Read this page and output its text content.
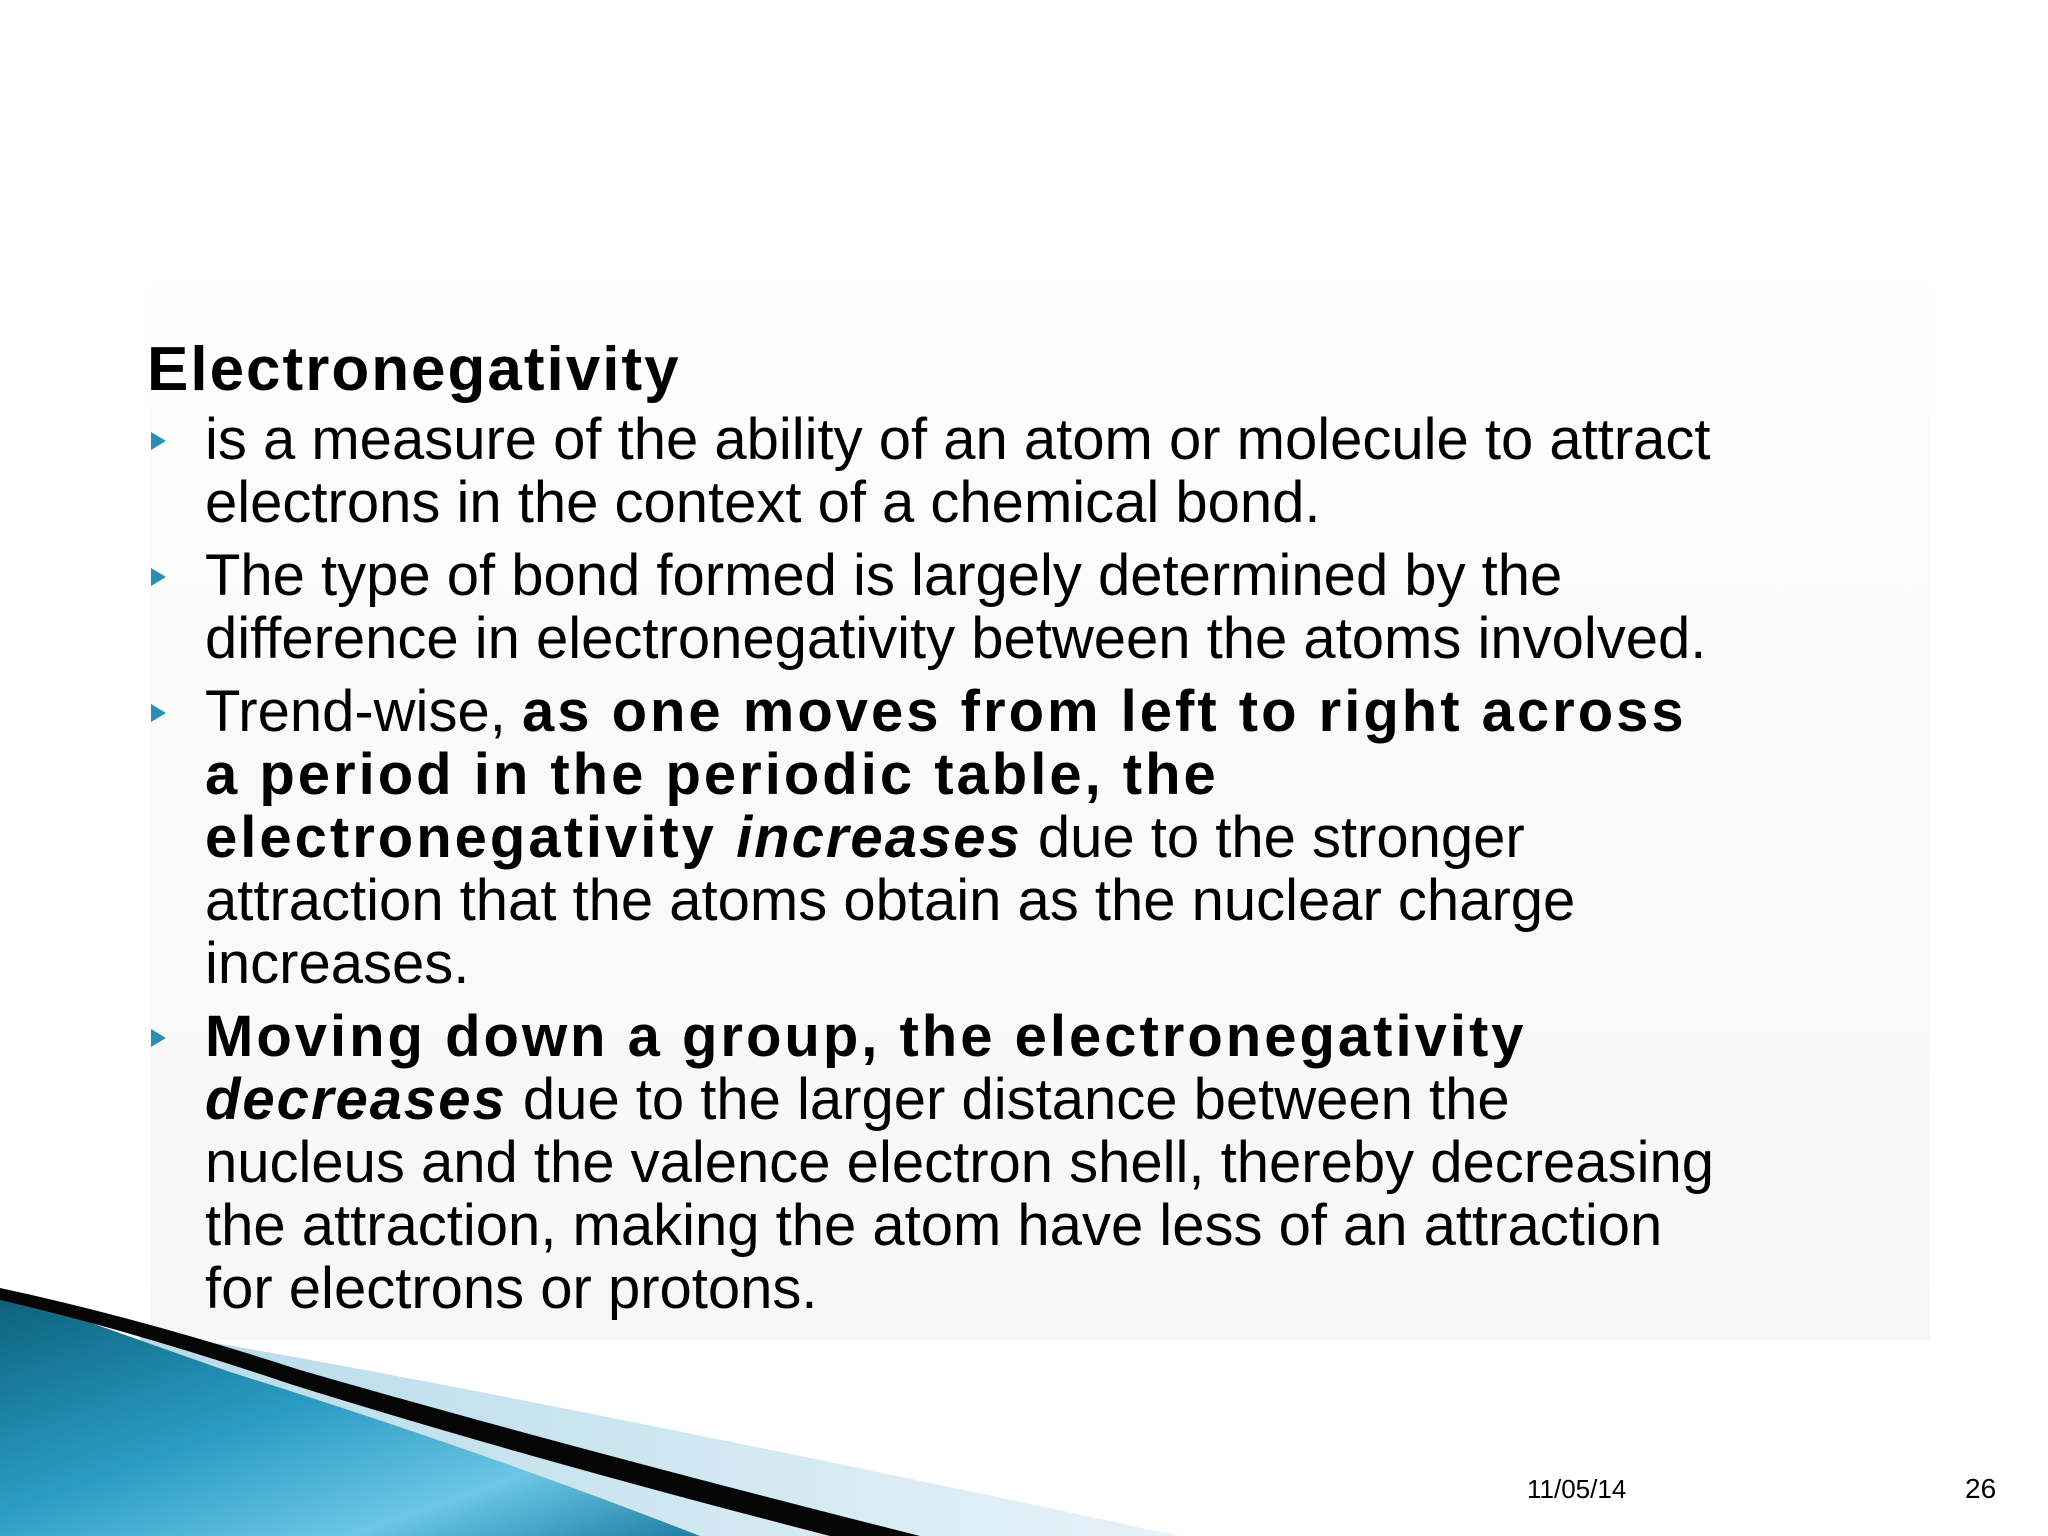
Electronegativity
is a measure of the ability of an atom or molecule to attract
electrons in the context of a chemical bond.
The type of bond formed is largely determined by the
difference in electronegativity between the atoms involved.
Trend-wise, as one moves from left to right across
a period in the periodic table, the
electronegativity increases due to the stronger
attraction that the atoms obtain as the nuclear charge
increases.
Moving down a group, the electronegativity
decreases due to the larger distance between the
nucleus and the valence electron shell, thereby decreasing
the attraction, making the atom have less of an attraction
for electrons or protons.
11/05/14	26
